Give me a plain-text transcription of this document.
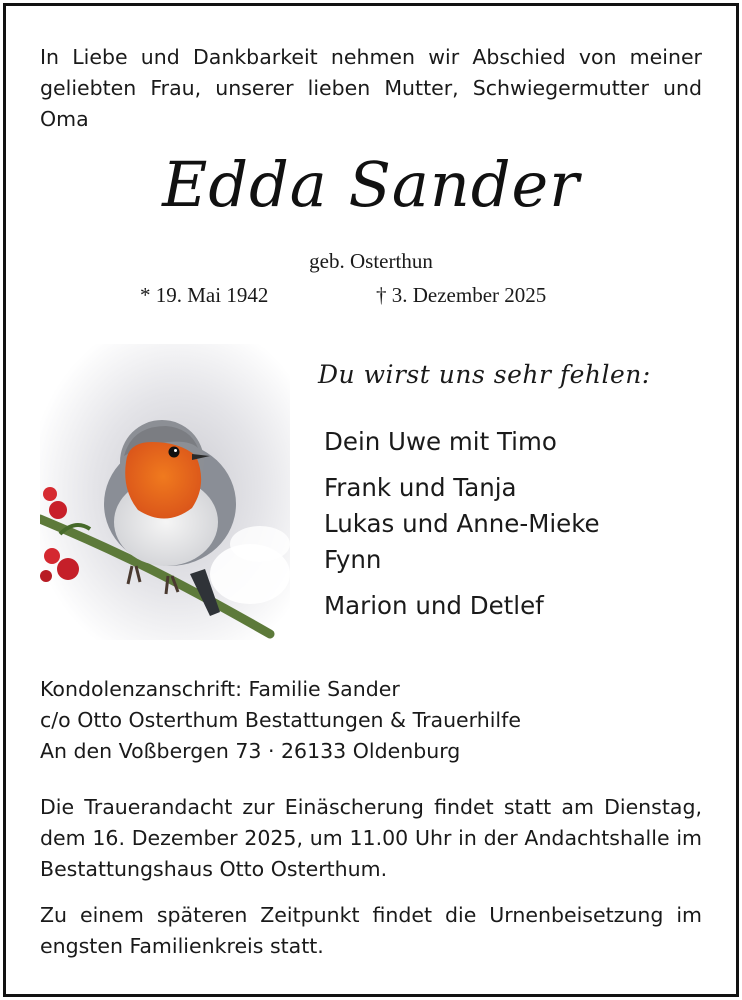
In Liebe und Dankbarkeit nehmen wir Abschied von meiner geliebten Frau, unserer lieben Mutter, Schwiegermutter und Oma
Edda Sander
geb. Osterthun
* 19. Mai 1942	† 3. Dezember 2025
Du wirst uns sehr fehlen:
Dein Uwe mit Timo
Frank und Tanja
Lukas und Anne-Mieke
Fynn
Marion und Detlef
Kondolenzanschrift: Familie Sander
c/o Otto Osterthum Bestattungen & Trauerhilfe
An den Voßbergen 73 · 26133 Oldenburg
Die Trauerandacht zur Einäscherung findet statt am Dienstag, dem 16. Dezember 2025, um 11.00 Uhr in der Andachtshalle im Bestattungshaus Otto Osterthum.
Zu einem späteren Zeitpunkt findet die Urnenbeisetzung im engsten Familienkreis statt.
